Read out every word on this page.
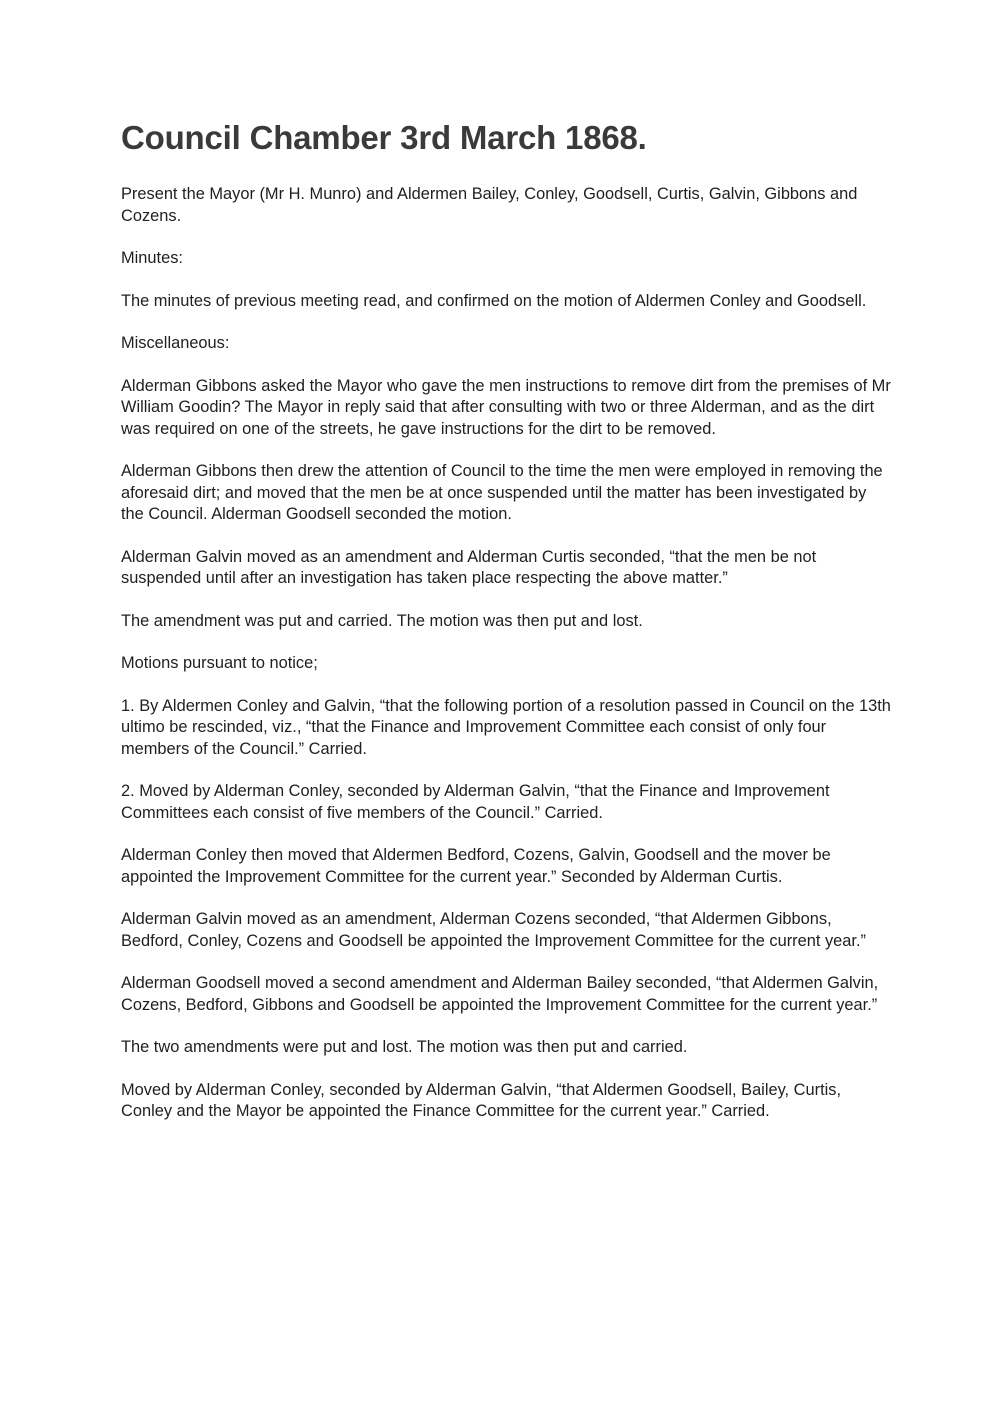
Council Chamber 3rd March 1868.

Present the Mayor (Mr H. Munro) and Aldermen Bailey, Conley, Goodsell, Curtis, Galvin, Gibbons and Cozens.

Minutes:

The minutes of previous meeting read, and confirmed on the motion of Aldermen Conley and Goodsell.

Miscellaneous:

Alderman Gibbons asked the Mayor who gave the men instructions to remove dirt from the premises of Mr William Goodin? The Mayor in reply said that after consulting with two or three Alderman, and as the dirt was required on one of the streets, he gave instructions for the dirt to be removed.

Alderman Gibbons then drew the attention of Council to the time the men were employed in removing the aforesaid dirt; and moved that the men be at once suspended until the matter has been investigated by the Council. Alderman Goodsell seconded the motion.

Alderman Galvin moved as an amendment and Alderman Curtis seconded, “that the men be not suspended until after an investigation has taken place respecting the above matter.”

The amendment was put and carried. The motion was then put and lost.

Motions pursuant to notice;

1. By Aldermen Conley and Galvin, “that the following portion of a resolution passed in Council on the 13th ultimo be rescinded, viz., “that the Finance and Improvement Committee each consist of only four members of the Council.” Carried.

2. Moved by Alderman Conley, seconded by Alderman Galvin, “that the Finance and Improvement Committees each consist of five members of the Council.” Carried.

Alderman Conley then moved that Aldermen Bedford, Cozens, Galvin, Goodsell and the mover be appointed the Improvement Committee for the current year.” Seconded by Alderman Curtis.

Alderman Galvin moved as an amendment, Alderman Cozens seconded, “that Aldermen Gibbons, Bedford, Conley, Cozens and Goodsell be appointed the Improvement Committee for the current year.”

Alderman Goodsell moved a second amendment and Alderman Bailey seconded, “that Aldermen Galvin, Cozens, Bedford, Gibbons and Goodsell be appointed the Improvement Committee for the current year.”

The two amendments were put and lost. The motion was then put and carried.

Moved by Alderman Conley, seconded by Alderman Galvin, “that Aldermen Goodsell, Bailey, Curtis, Conley and the Mayor be appointed the Finance Committee for the current year.” Carried.
